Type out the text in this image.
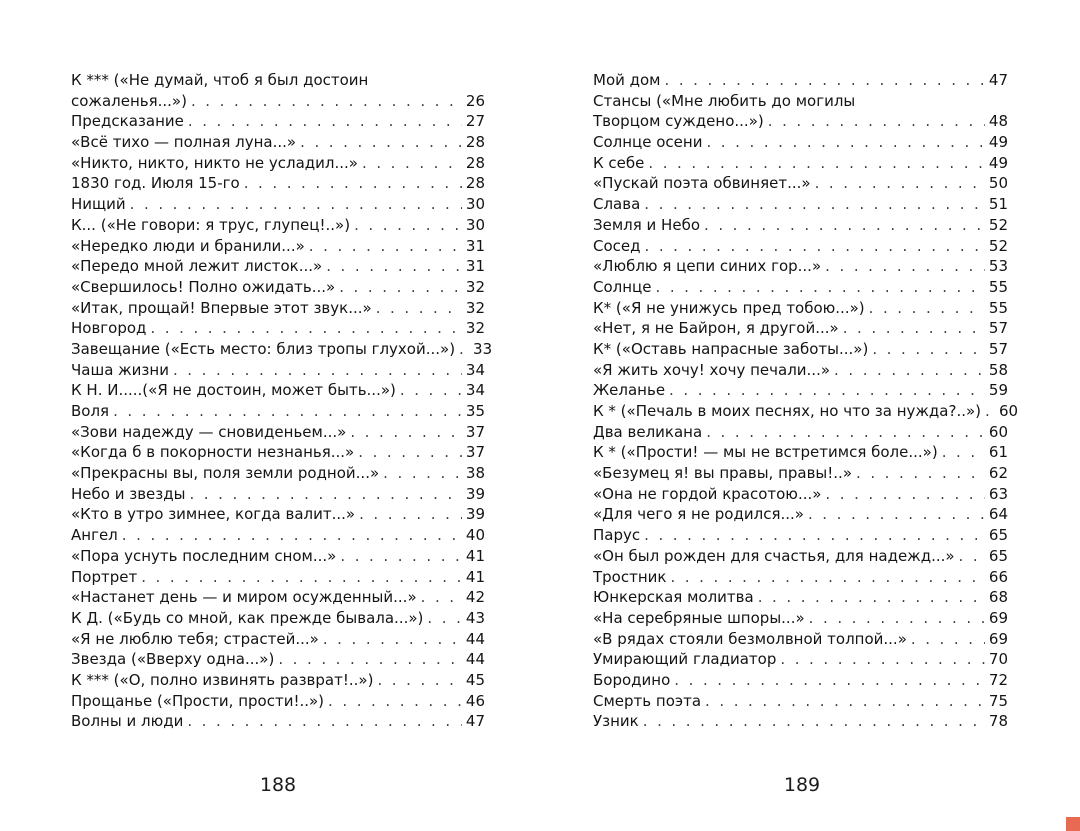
К *** («Не думай, чтоб я был достоин
сожаленья...») . . .	26
Предсказание . . .	27
«Всё тихо — полная луна...» . . .	28
«Никто, никто, никто не усладил...» . . .	28
1830 год. Июля 15-го . . .	28
Нищий . . .	30
К... («Не говори: я трус, глупец!..») . . .	30
«Нередко люди и бранили...» . . .	31
«Передо мной лежит листок...» . . .	31
«Свершилось! Полно ожидать...» . . .	32
«Итак, прощай! Впервые этот звук...» . . .	32
Новгород . . .	32
Завещание («Есть место: близ тропы глухой...») . . . 33
Чаша жизни . . .	34
К Н. И.....(«Я не достоин, может быть...») . . .	34
Воля . . .	35
«Зови надежду — сновиденьем...» . . .	37
«Когда б в покорности незнанья...» . . .	37
«Прекрасны вы, поля земли родной...» . . .	38
Небо и звезды . . .	39
«Кто в утро зимнее, когда валит...» . . .	39
Ангел . . .	40
«Пора уснуть последним сном...» . . .	41
Портрет . . .	41
«Настанет день — и миром осужденный...» . . .	42
К Д. («Будь со мной, как прежде бывала...») . . .	43
«Я не люблю тебя; страстей...» . . .	44
Звезда («Вверху одна...») . . .	44
К *** («О, полно извинять разврат!..») . . .	45
Прощанье («Прости, прости!..») . . .	46
Волны и люди . . .	47
Мой дом . . .	47
Стансы («Мне любить до могилы
Творцом суждено...») . . .	48
Солнце осени . . .	49
К себе . . .	49
«Пускай поэта обвиняет...» . . .	50
Слава . . .	51
Земля и Небо . . .	52
Сосед . . .	52
«Люблю я цепи синих гор...» . . .	53
Солнце . . .	55
К* («Я не унижусь пред тобою...») . . .	55
«Нет, я не Байрон, я другой...» . . .	57
К* («Оставь напрасные заботы...») . . .	57
«Я жить хочу! хочу печали...» . . .	58
Желанье . . .	59
К * («Печаль в моих песнях, но что за нужда?..») . . . 60
Два великана . . .	60
К * («Прости! — мы не встретимся боле...») . . .	61
«Безумец я! вы правы, правы!..» . . .	62
«Она не гордой красотою...» . . .	63
«Для чего я не родился...» . . .	64
Парус . . .	65
«Он был рожден для счастья, для надежд...» . . . 65
Тростник . . .	66
Юнкерская молитва . . .	68
«На серебряные шпоры...» . . .	69
«В рядах стояли безмолвной толпой...» . . .	69
Умирающий гладиатор . . .	70
Бородино . . .	72
Смерть поэта . . .	75
Узник . . .	78
188	189
